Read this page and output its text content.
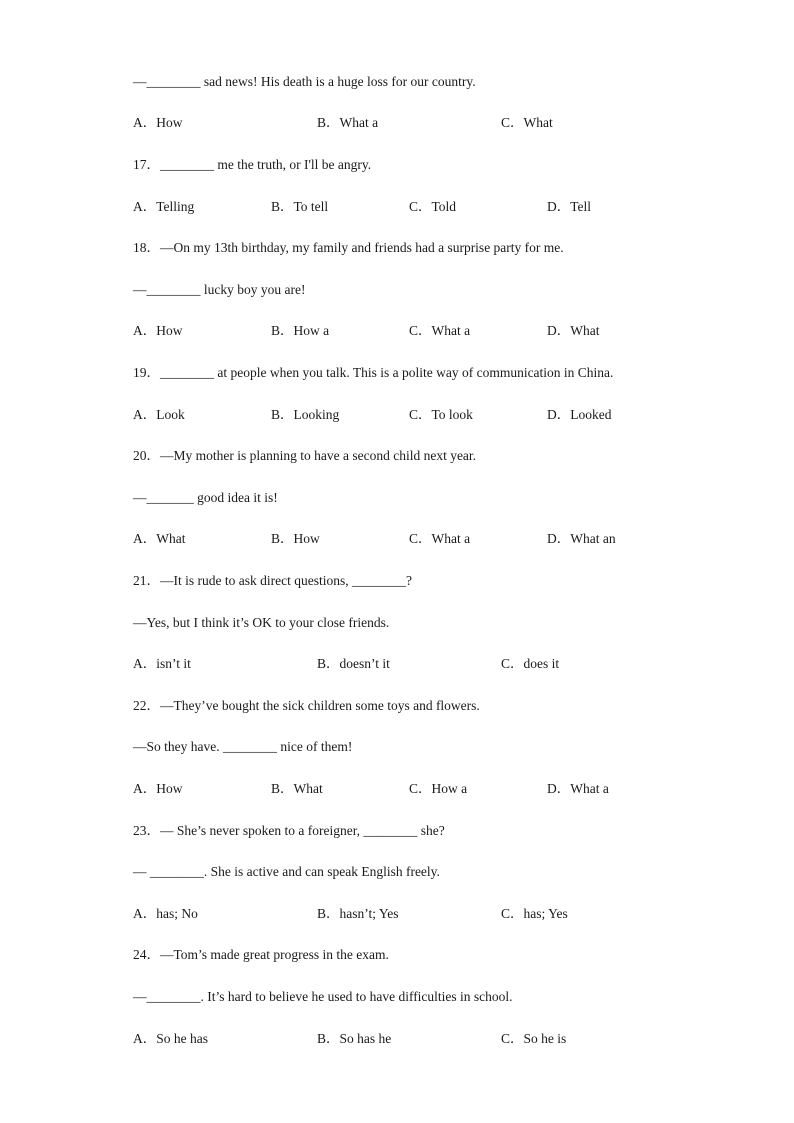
—________ sad news! His death is a huge loss for our country.
A．How	B．What a	C．What
17．________ me the truth, or I'll be angry.
A．Telling	B．To tell	C．Told	D．Tell
18．—On my 13th birthday, my family and friends had a surprise party for me.
—________ lucky boy you are!
A．How	B．How a	C．What a	D．What
19．________ at people when you talk. This is a polite way of communication in China.
A．Look	B．Looking	C．To look	D．Looked
20．—My mother is planning to have a second child next year.
—_______ good idea it is!
A．What	B．How	C．What a	D．What an
21．—It is rude to ask direct questions, ________?
—Yes, but I think it’s OK to your close friends.
A．isn’t it	B．doesn’t it	C．does it
22．—They’ve bought the sick children some toys and flowers.
—So they have. ________ nice of them!
A．How	B．What	C．How a	D．What a
23．— She’s never spoken to a foreigner, ________ she?
— ________. She is active and can speak English freely.
A．has; No	B．hasn’t; Yes	C．has; Yes
24．—Tom’s made great progress in the exam.
—________. It’s hard to believe he used to have difficulties in school.
A．So he has	B．So has he	C．So he is
